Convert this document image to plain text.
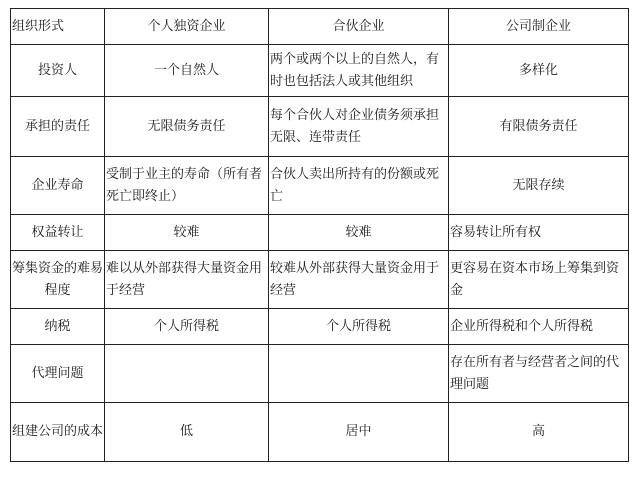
组织形式	个人独资企业	合伙企业	公司制企业
投资人	一个自然人	两个或两个以上的自然人，有时也包括法人或其他组织	多样化
承担的责任	无限债务责任	每个合伙人对企业债务须承担无限、连带责任	有限债务责任
企业寿命	受制于业主的寿命（所有者死亡即终止）	合伙人卖出所持有的份额或死亡	无限存续
权益转让	较难	较难	容易转让所有权
筹集资金的难易程度	难以从外部获得大量资金用于经营	较难从外部获得大量资金用于经营	更容易在资本市场上筹集到资金
纳税	个人所得税	个人所得税	企业所得税和个人所得税
代理问题			存在所有者与经营者之间的代理问题
组建公司的成本	低	居中	高
